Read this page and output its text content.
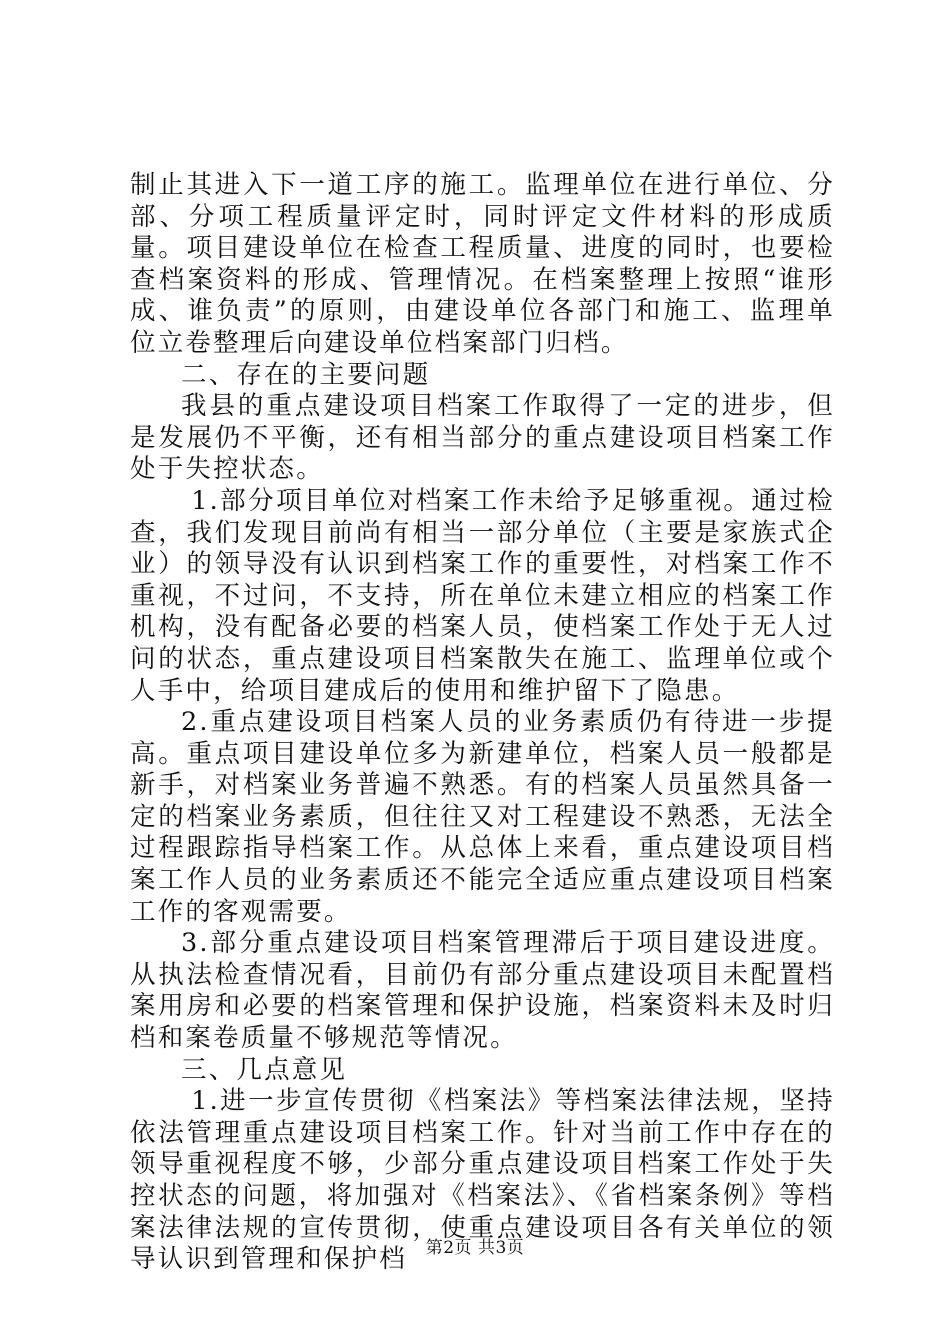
制止其进入下一道工序的施工。监理单位在进行单位、分部、分项工程质量评定时，同时评定文件材料的形成质量。项目建设单位在检查工程质量、进度的同时，也要检查档案资料的形成、管理情况。在档案整理上按照“谁形成、谁负责”的原则，由建设单位各部门和施工、监理单位立卷整理后向建设单位档案部门归档。

二、存在的主要问题

我县的重点建设项目档案工作取得了一定的进步，但是发展仍不平衡，还有相当部分的重点建设项目档案工作处于失控状态。

1.部分项目单位对档案工作未给予足够重视。通过检查，我们发现目前尚有相当一部分单位（主要是家族式企业）的领导没有认识到档案工作的重要性，对档案工作不重视，不过问，不支持，所在单位未建立相应的档案工作机构，没有配备必要的档案人员，使档案工作处于无人过问的状态，重点建设项目档案散失在施工、监理单位或个人手中，给项目建成后的使用和维护留下了隐患。

2.重点建设项目档案人员的业务素质仍有待进一步提高。重点项目建设单位多为新建单位，档案人员一般都是新手，对档案业务普遍不熟悉。有的档案人员虽然具备一定的档案业务素质，但往往又对工程建设不熟悉，无法全过程跟踪指导档案工作。从总体上来看，重点建设项目档案工作人员的业务素质还不能完全适应重点建设项目档案工作的客观需要。

3.部分重点建设项目档案管理滞后于项目建设进度。从执法检查情况看，目前仍有部分重点建设项目未配置档案用房和必要的档案管理和保护设施，档案资料未及时归档和案卷质量不够规范等情况。

三、几点意见

1.进一步宣传贯彻《档案法》等档案法律法规，坚持依法管理重点建设项目档案工作。针对当前工作中存在的领导重视程度不够，少部分重点建设项目档案工作处于失控状态的问题，将加强对《档案法》、《省档案条例》等档案法律法规的宣传贯彻，使重点建设项目各有关单位的领导认识到管理和保护档	第2页 共3页
